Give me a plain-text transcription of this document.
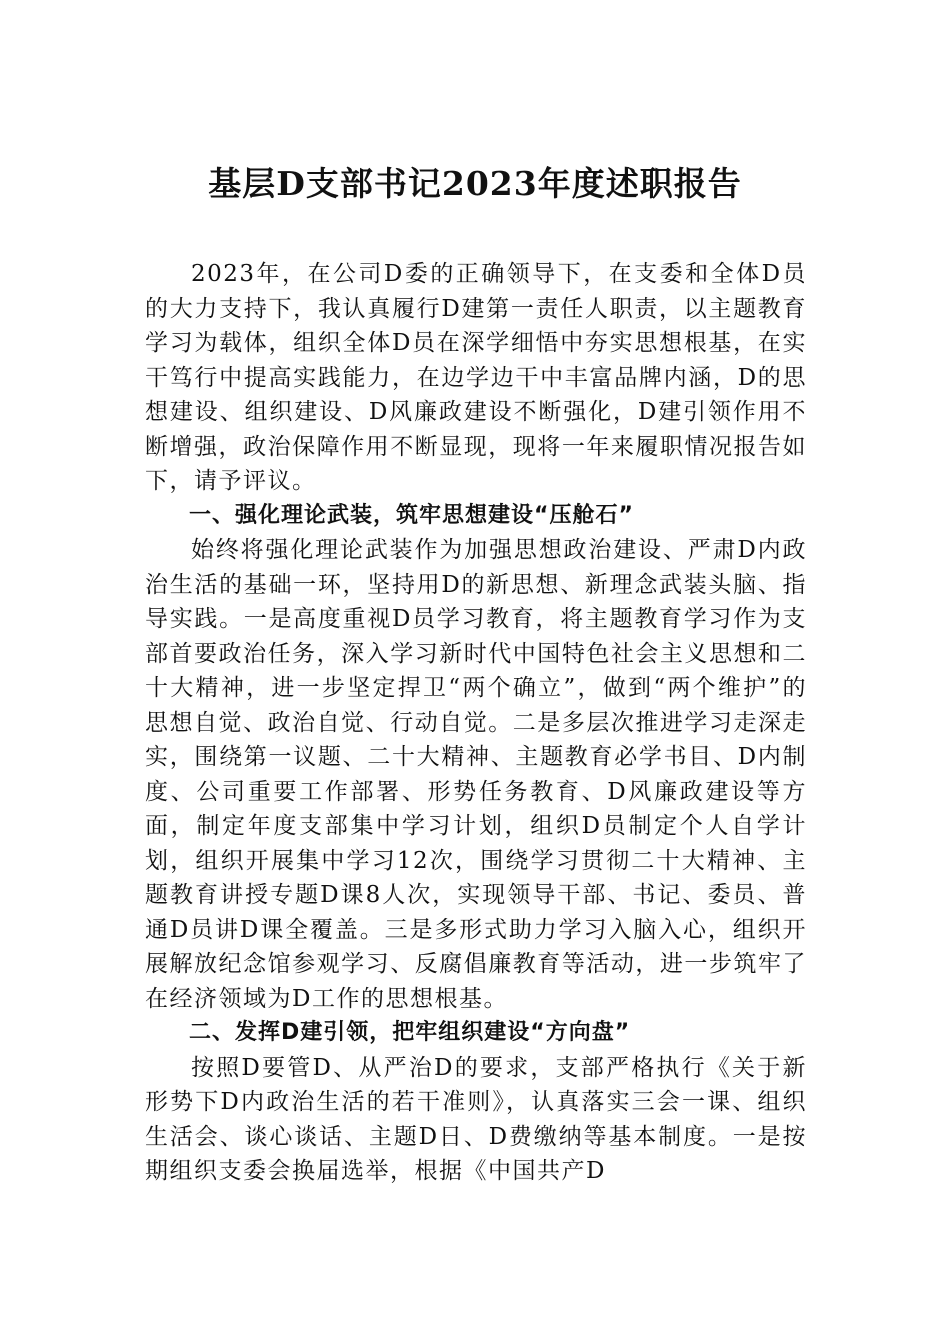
基层D支部书记2023年度述职报告

2023年，在公司D委的正确领导下，在支委和全体D员的大力支持下，我认真履行D建第一责任人职责，以主题教育学习为载体，组织全体D员在深学细悟中夯实思想根基，在实干笃行中提高实践能力，在边学边干中丰富品牌内涵，D的思想建设、组织建设、D风廉政建设不断强化，D建引领作用不断增强，政治保障作用不断显现，现将一年来履职情况报告如下，请予评议。

一、强化理论武装，筑牢思想建设“压舱石”

始终将强化理论武装作为加强思想政治建设、严肃D内政治生活的基础一环，坚持用D的新思想、新理念武装头脑、指导实践。一是高度重视D员学习教育，将主题教育学习作为支部首要政治任务，深入学习新时代中国特色社会主义思想和二十大精神，进一步坚定捍卫“两个确立”，做到“两个维护”的思想自觉、政治自觉、行动自觉。二是多层次推进学习走深走实，围绕第一议题、二十大精神、主题教育必学书目、D内制度、公司重要工作部署、形势任务教育、D风廉政建设等方面，制定年度支部集中学习计划，组织D员制定个人自学计划，组织开展集中学习12次，围绕学习贯彻二十大精神、主题教育讲授专题D课8人次，实现领导干部、书记、委员、普通D员讲D课全覆盖。三是多形式助力学习入脑入心，组织开展解放纪念馆参观学习、反腐倡廉教育等活动，进一步筑牢了在经济领域为D工作的思想根基。

二、发挥D建引领，把牢组织建设“方向盘”

按照D要管D、从严治D的要求，支部严格执行《关于新形势下D内政治生活的若干准则》，认真落实三会一课、组织生活会、谈心谈话、主题D日、D费缴纳等基本制度。一是按期组织支委会换届选举，根据《中国共产D
